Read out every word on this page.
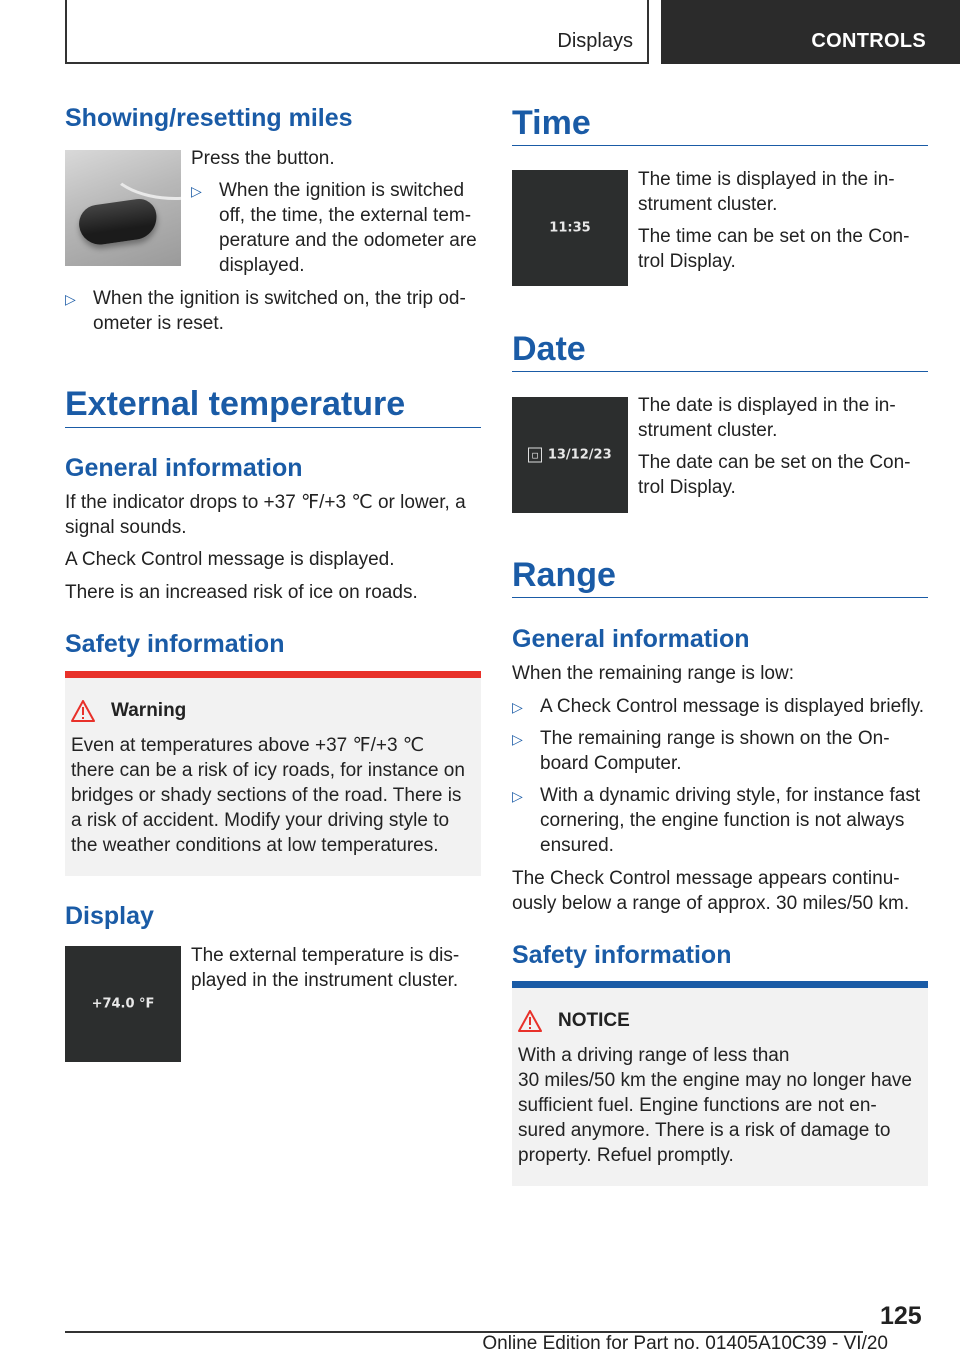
Displays	CONTROLS
Showing/resetting miles
Press the button.
▷ When the ignition is switched
off, the time, the external tem-
perature and the odometer are
displayed.
▷ When the ignition is switched on, the trip od-
ometer is reset.
External temperature
General information
If the indicator drops to +37 ℉/+3 ℃ or lower, a
signal sounds.
A Check Control message is displayed.
There is an increased risk of ice on roads.
Safety information
Warning
Even at temperatures above +37 ℉/+3 ℃
there can be a risk of icy roads, for instance on
bridges or shady sections of the road. There is
a risk of accident. Modify your driving style to
the weather conditions at low temperatures.
Display
+74.0 °F
The external temperature is dis-
played in the instrument cluster.
Time
11:35
The time is displayed in the in-
strument cluster.
The time can be set on the Con-
trol Display.
Date
▫ 13/12/23
The date is displayed in the in-
strument cluster.
The date can be set on the Con-
trol Display.
Range
General information
When the remaining range is low:
▷ A Check Control message is displayed briefly.
▷ The remaining range is shown on the On-
board Computer.
▷ With a dynamic driving style, for instance fast
cornering, the engine function is not always
ensured.
The Check Control message appears continu-
ously below a range of approx. 30 miles/50 km.
Safety information
NOTICE
With a driving range of less than
30 miles/50 km the engine may no longer have
sufficient fuel. Engine functions are not en-
sured anymore. There is a risk of damage to
property. Refuel promptly.
125
Online Edition for Part no. 01405A10C39 - VI/20
